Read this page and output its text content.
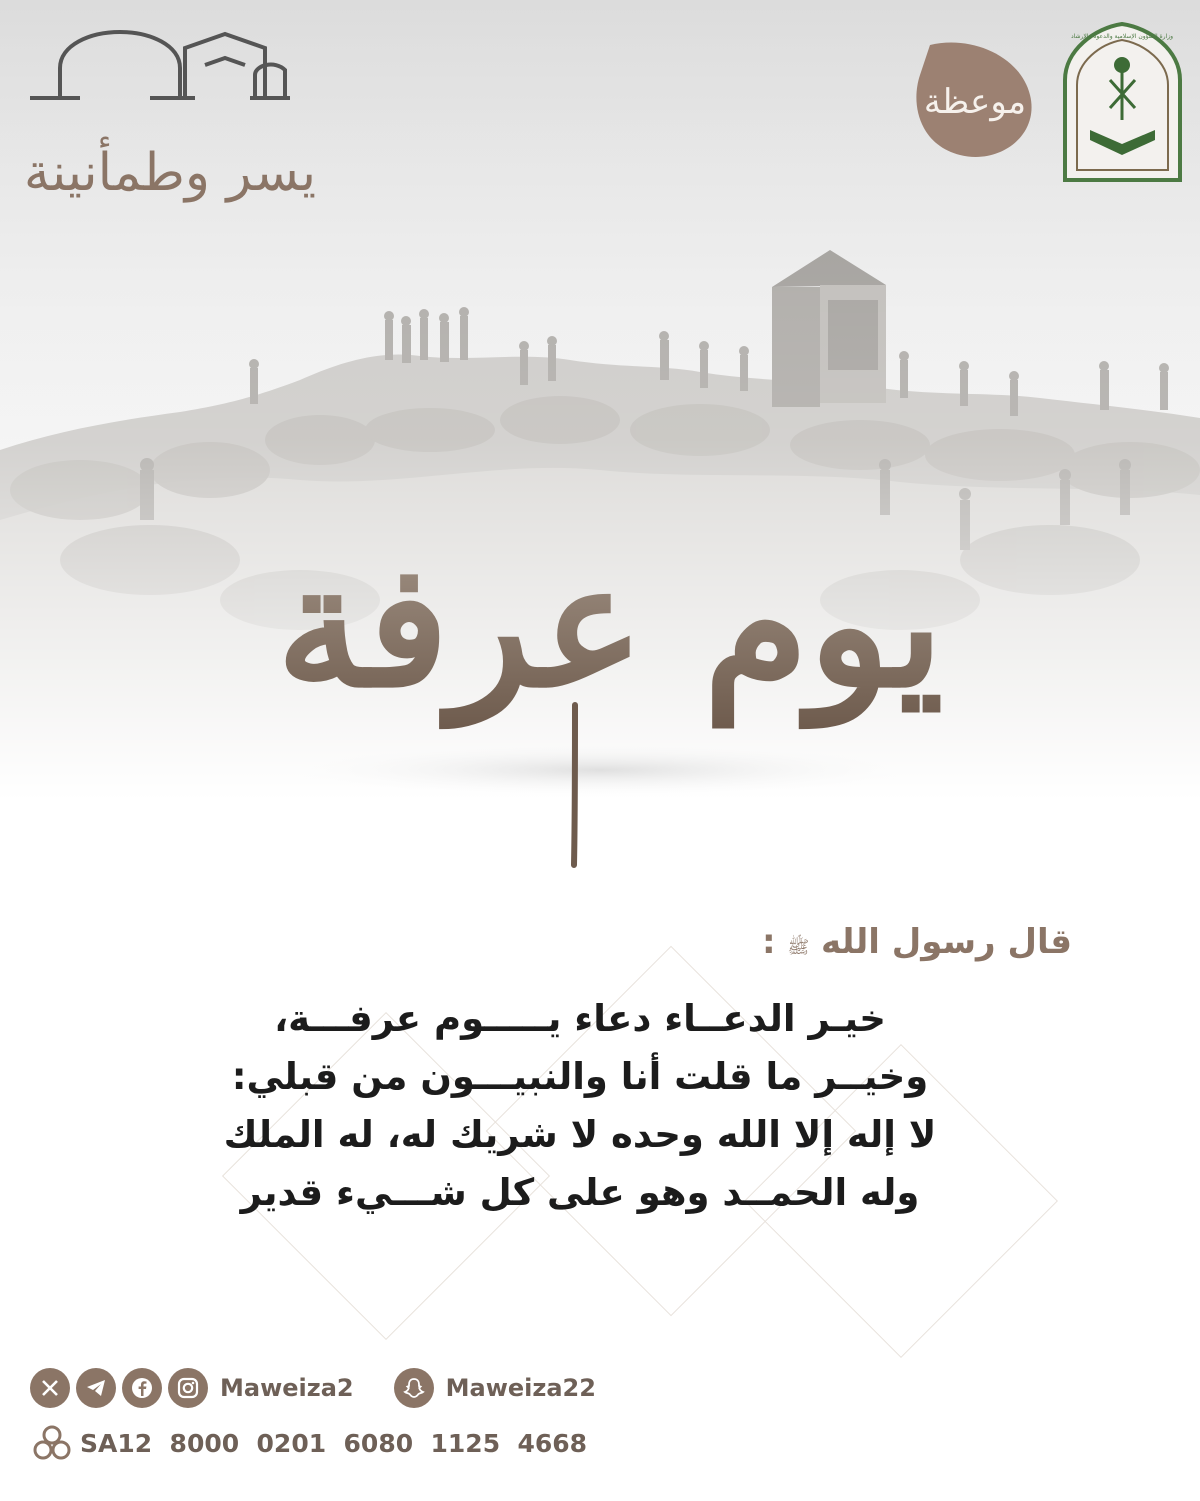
يسر وطمأنينة
موعظة
وزارة الشؤون الإسلامية والدعوة والإرشاد
يوم عرفة
قال رسول الله ﷺ :
خيـر الدعــاء دعاء يـــــوم عرفـــة،
وخيــر ما قلت أنا والنبيـــون من قبلي:
لا إله إلا الله وحده لا شريك له، له الملك
وله الحمــد وهو على كل شـــيء قدير
Maweiza2	Maweiza22
SA12  8000  0201  6080  1125  4668
